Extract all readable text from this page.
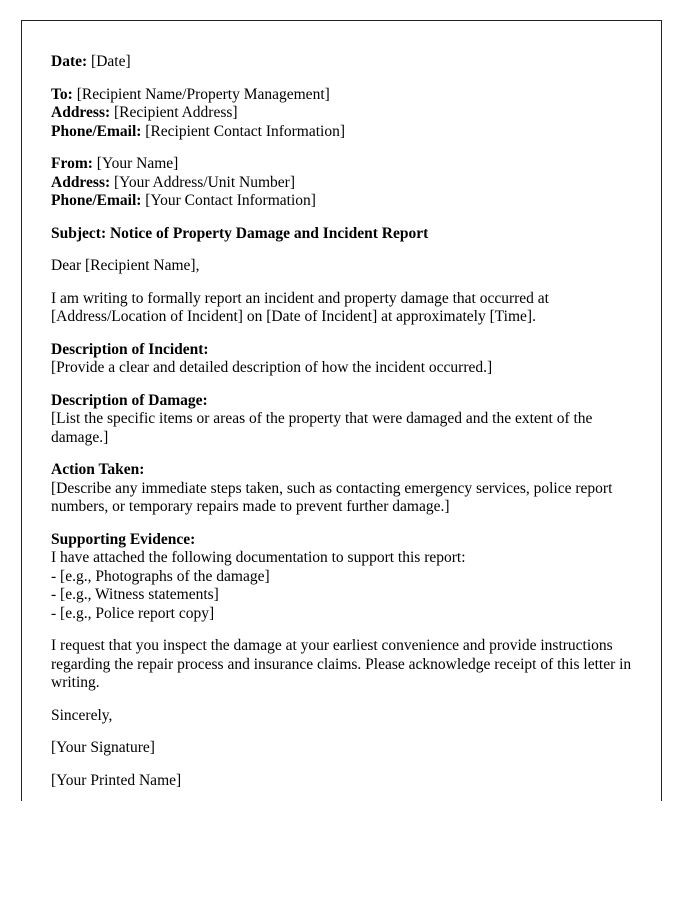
Date: [Date]

To: [Recipient Name/Property Management]
Address: [Recipient Address]
Phone/Email: [Recipient Contact Information]

From: [Your Name]
Address: [Your Address/Unit Number]
Phone/Email: [Your Contact Information]

Subject: Notice of Property Damage and Incident Report

Dear [Recipient Name],

I am writing to formally report an incident and property damage that occurred at [Address/Location of Incident] on [Date of Incident] at approximately [Time].

Description of Incident:
[Provide a clear and detailed description of how the incident occurred.]

Description of Damage:
[List the specific items or areas of the property that were damaged and the extent of the damage.]

Action Taken:
[Describe any immediate steps taken, such as contacting emergency services, police report numbers, or temporary repairs made to prevent further damage.]

Supporting Evidence:
I have attached the following documentation to support this report:
- [e.g., Photographs of the damage]
- [e.g., Witness statements]
- [e.g., Police report copy]

I request that you inspect the damage at your earliest convenience and provide instructions regarding the repair process and insurance claims. Please acknowledge receipt of this letter in writing.

Sincerely,

[Your Signature]

[Your Printed Name]
